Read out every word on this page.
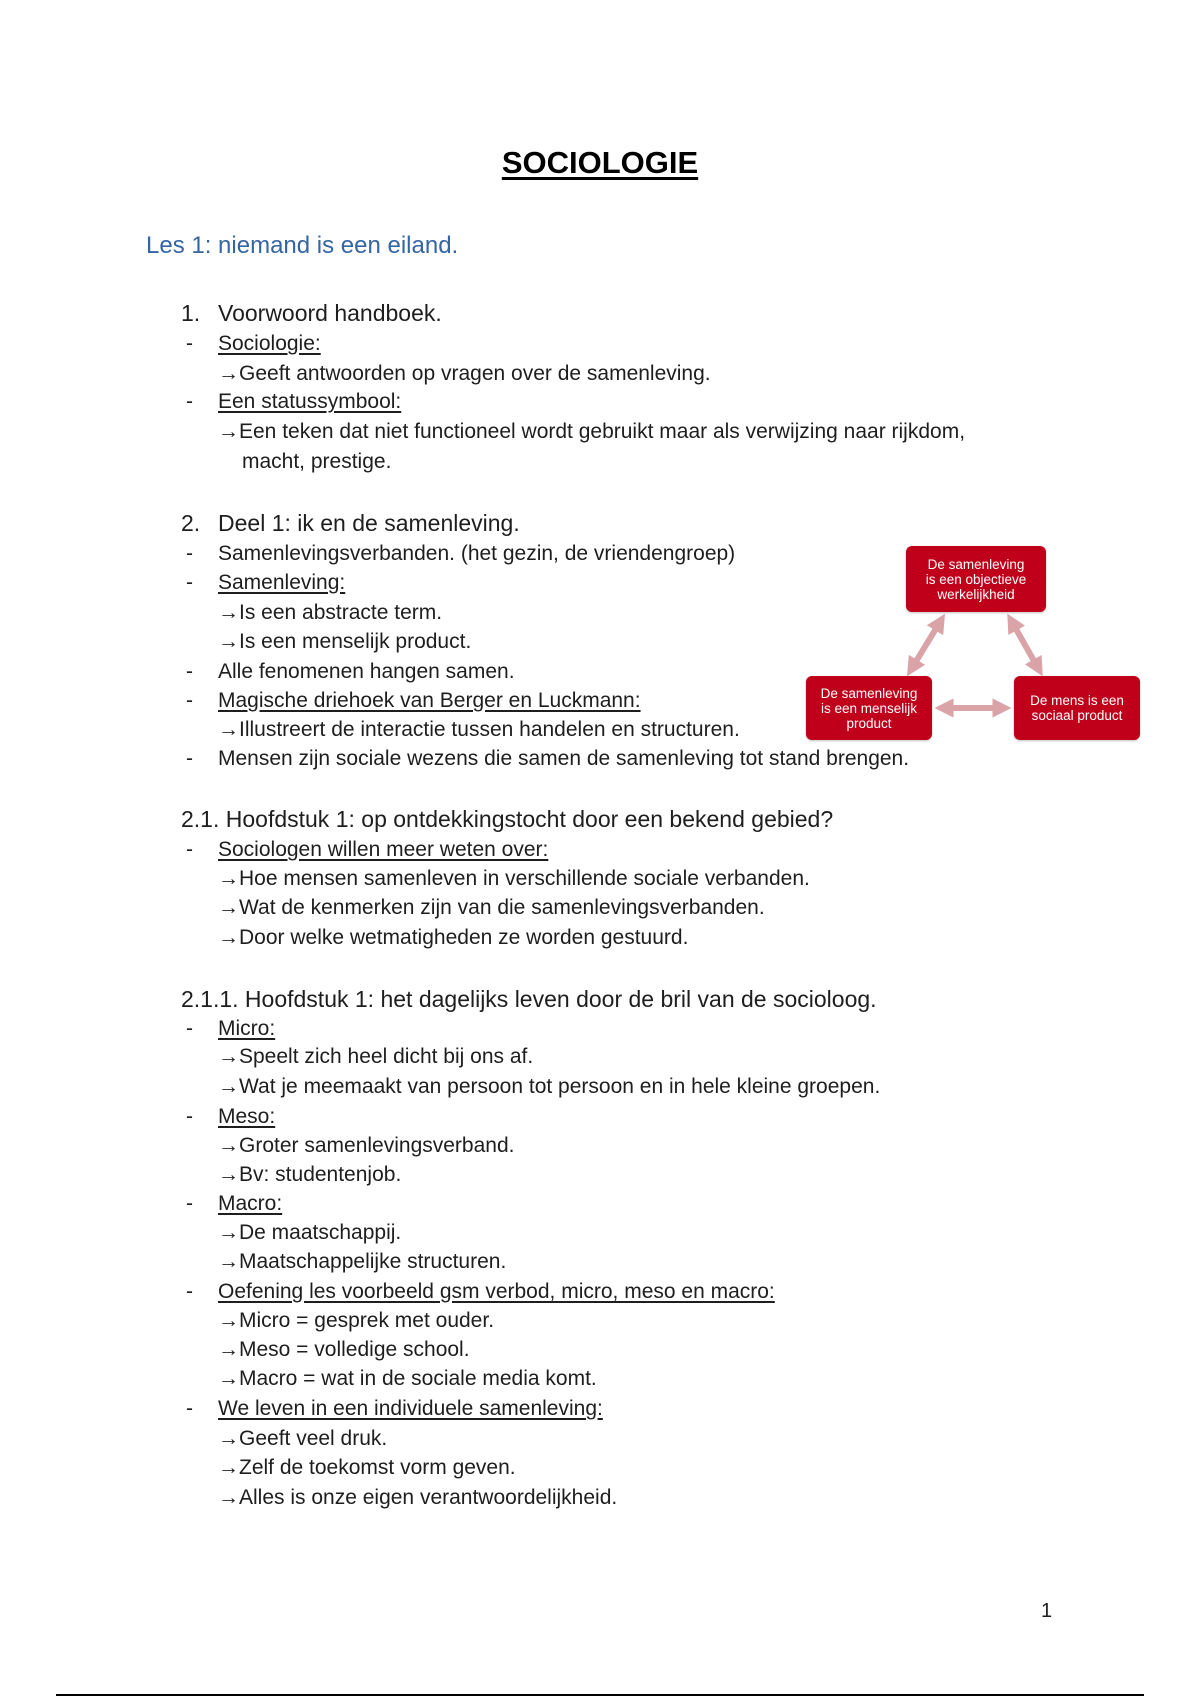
SOCIOLOGIE
Les 1: niemand is een eiland.
1. Voorwoord handboek.
- Sociologie:
→Geeft antwoorden op vragen over de samenleving.
- Een statussymbool:
→Een teken dat niet functioneel wordt gebruikt maar als verwijzing naar rijkdom,
macht, prestige.
2. Deel 1: ik en de samenleving.
- Samenlevingsverbanden. (het gezin, de vriendengroep)
- Samenleving:
→Is een abstracte term.
→Is een menselijk product.
- Alle fenomenen hangen samen.
- Magische driehoek van Berger en Luckmann:
→Illustreert de interactie tussen handelen en structuren.
- Mensen zijn sociale wezens die samen de samenleving tot stand brengen.
De samenleving
is een objectieve
werkelijkheid
De samenleving
is een menselijk
product
De mens is een
sociaal product
2.1. Hoofdstuk 1: op ontdekkingstocht door een bekend gebied?
- Sociologen willen meer weten over:
→Hoe mensen samenleven in verschillende sociale verbanden.
→Wat de kenmerken zijn van die samenlevingsverbanden.
→Door welke wetmatigheden ze worden gestuurd.
2.1.1. Hoofdstuk 1: het dagelijks leven door de bril van de socioloog.
- Micro:
→Speelt zich heel dicht bij ons af.
→Wat je meemaakt van persoon tot persoon en in hele kleine groepen.
- Meso:
→Groter samenlevingsverband.
→Bv: studentenjob.
- Macro:
→De maatschappij.
→Maatschappelijke structuren.
- Oefening les voorbeeld gsm verbod, micro, meso en macro:
→Micro = gesprek met ouder.
→Meso = volledige school.
→Macro = wat in de sociale media komt.
- We leven in een individuele samenleving:
→Geeft veel druk.
→Zelf de toekomst vorm geven.
→Alles is onze eigen verantwoordelijkheid.
1
